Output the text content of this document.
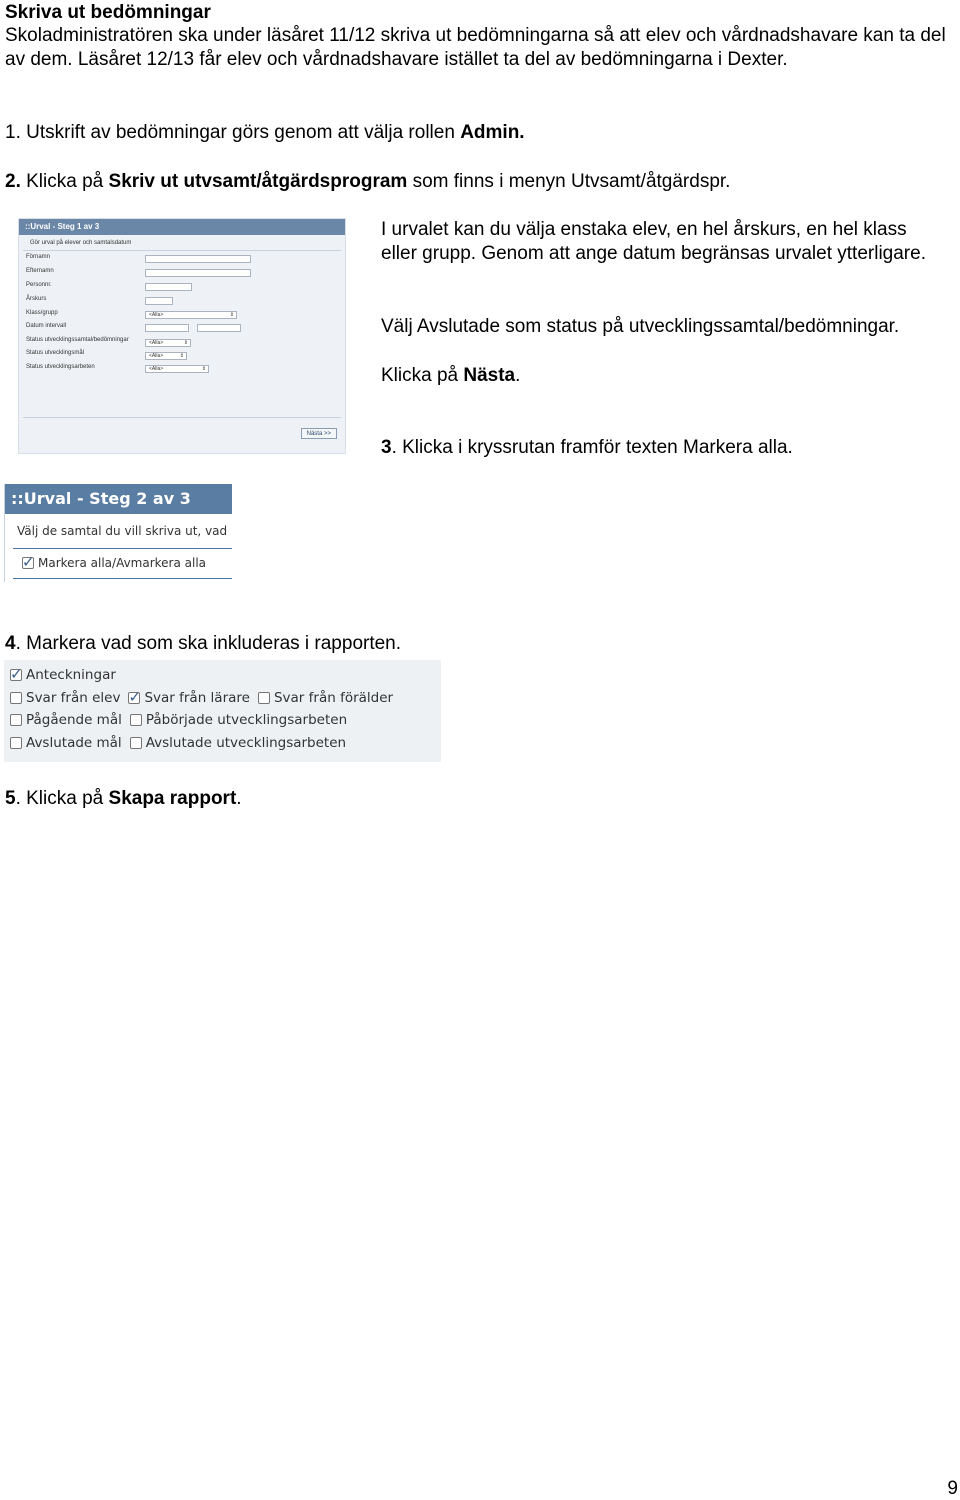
Skriva ut bedömningar
Skoladministratören ska under läsåret 11/12 skriva ut bedömningarna så att elev och vårdnadshavare kan ta del av dem. Läsåret 12/13 får elev och vårdnadshavare istället ta del av bedömningarna i Dexter.
1. Utskrift av bedömningar görs genom att välja rollen Admin.
2. Klicka på Skriv ut utvsamt/åtgärdsprogram som finns i menyn Utvsamt/åtgärdspr.
::Urval - Steg 1 av 3
Gör urval på elever och samtalsdatum
Förnamn
Efternamn
Personnr.
Årskurs
Klass/grupp	<Alla> ⇕
Datum intervall
Status utvecklingssamtal/bedömningar	<Alla> ⇕
Status utvecklingsmål	<Alla> ⇕
Status utvecklingsarbeten	<Alla> ⇕
Nästa >>
I urvalet kan du välja enstaka elev, en hel årskurs, en hel klass eller grupp. Genom att ange datum begränsas urvalet ytterligare.
Välj Avslutade som status på utvecklingssamtal/bedömningar.
Klicka på Nästa.
3. Klicka i kryssrutan framför texten Markera alla.
::Urval - Steg 2 av 3
Välj de samtal du vill skriva ut, vad
✓
Markera alla/Avmarkera alla
4. Markera vad som ska inkluderas i rapporten.
✓
Anteckningar
Svar från elev
✓ Svar från lärare Svar från förälder
Pågående mål Påbörjade utvecklingsarbeten
Avslutade mål Avslutade utvecklingsarbeten
5. Klicka på Skapa rapport.
9
